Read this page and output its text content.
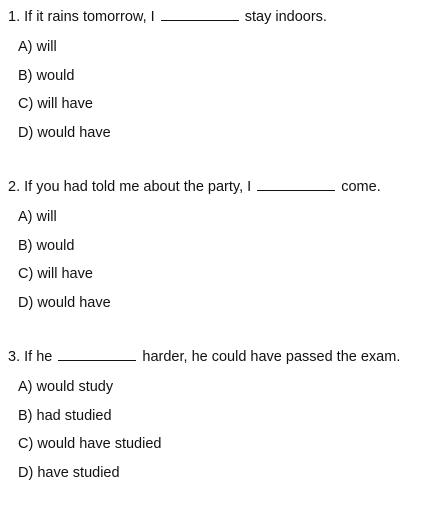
1. If it rains tomorrow, I	stay indoors.
A) will
B) would
C) will have
D) would have
2. If you had told me about the party, I	come.
A) will
B) would
C) will have
D) would have
3. If he	harder, he could have passed the exam.
A) would study
B) had studied
C) would have studied
D) have studied
